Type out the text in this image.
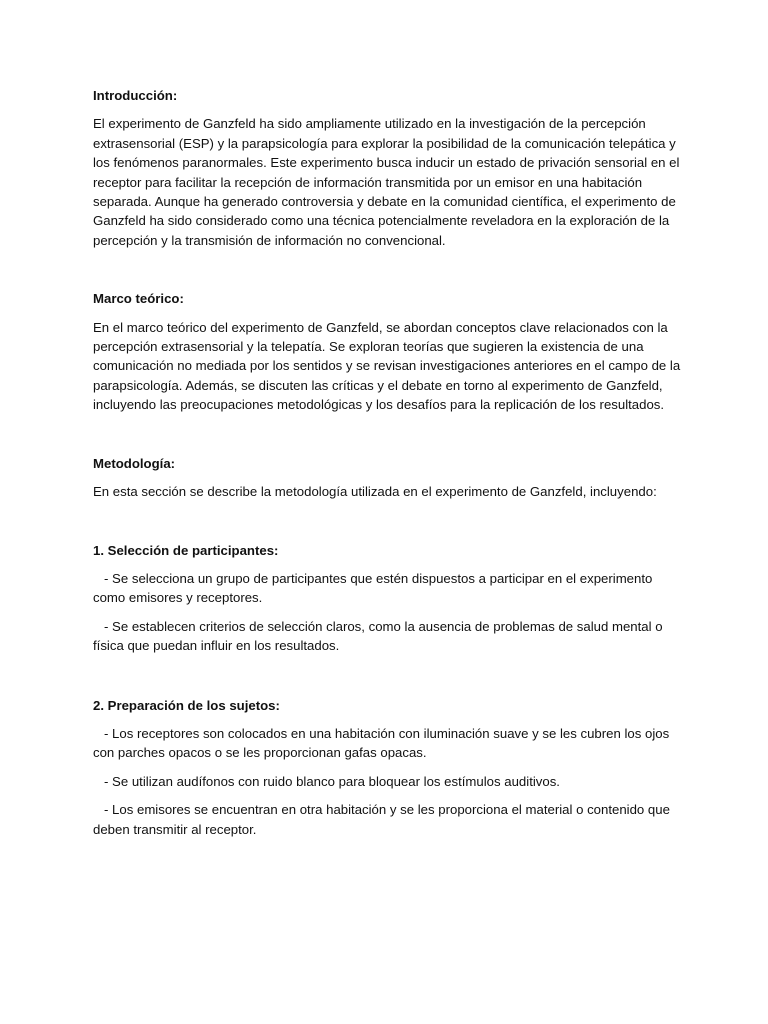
Introducción:

El experimento de Ganzfeld ha sido ampliamente utilizado en la investigación de la percepción extrasensorial (ESP) y la parapsicología para explorar la posibilidad de la comunicación telepática y los fenómenos paranormales. Este experimento busca inducir un estado de privación sensorial en el receptor para facilitar la recepción de información transmitida por un emisor en una habitación separada. Aunque ha generado controversia y debate en la comunidad científica, el experimento de Ganzfeld ha sido considerado como una técnica potencialmente reveladora en la exploración de la percepción y la transmisión de información no convencional.

Marco teórico:

En el marco teórico del experimento de Ganzfeld, se abordan conceptos clave relacionados con la percepción extrasensorial y la telepatía. Se exploran teorías que sugieren la existencia de una comunicación no mediada por los sentidos y se revisan investigaciones anteriores en el campo de la parapsicología. Además, se discuten las críticas y el debate en torno al experimento de Ganzfeld, incluyendo las preocupaciones metodológicas y los desafíos para la replicación de los resultados.

Metodología:

En esta sección se describe la metodología utilizada en el experimento de Ganzfeld, incluyendo:

1. Selección de participantes:

- Se selecciona un grupo de participantes que estén dispuestos a participar en el experimento como emisores y receptores.

- Se establecen criterios de selección claros, como la ausencia de problemas de salud mental o física que puedan influir en los resultados.

2. Preparación de los sujetos:

- Los receptores son colocados en una habitación con iluminación suave y se les cubren los ojos con parches opacos o se les proporcionan gafas opacas.

- Se utilizan audífonos con ruido blanco para bloquear los estímulos auditivos.

- Los emisores se encuentran en otra habitación y se les proporciona el material o contenido que deben transmitir al receptor.
